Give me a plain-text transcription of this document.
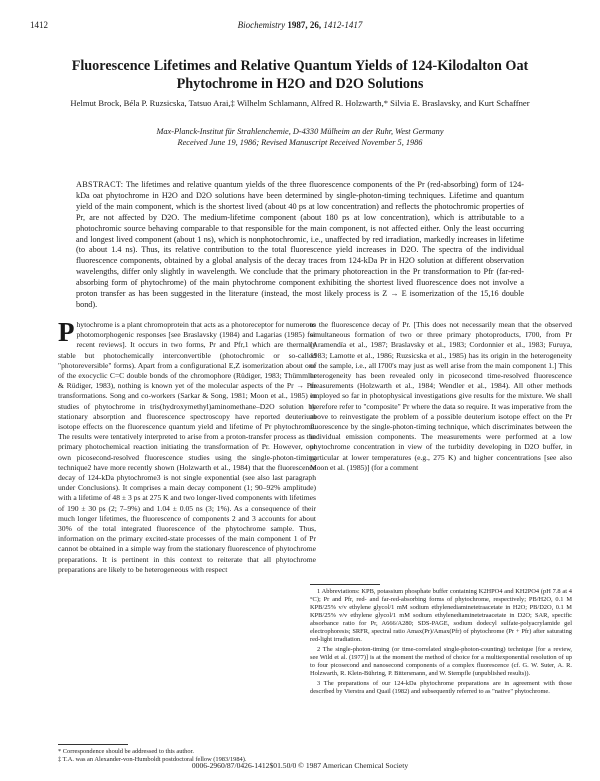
1412	Biochemistry 1987, 26, 1412-1417
Fluorescence Lifetimes and Relative Quantum Yields of 124-Kilodalton Oat Phytochrome in H2O and D2O Solutions
Helmut Brock, Béla P. Ruzsicska, Tatsuo Arai,‡ Wilhelm Schlamann, Alfred R. Holzwarth,* Silvia E. Braslavsky, and Kurt Schaffner
Max-Planck-Institut für Strahlenchemie, D-4330 Mülheim an der Ruhr, West Germany
Received June 19, 1986; Revised Manuscript Received November 5, 1986
ABSTRACT: The lifetimes and relative quantum yields of the three fluorescence components of the Pr (red-absorbing) form of 124-kDa oat phytochrome in H2O and D2O solutions have been determined by single-photon-timing techniques. Lifetime and quantum yield of the main component, which is the shortest lived (about 40 ps at low concentration) and reflects the photochromic properties of Pr, are not affected by D2O. The medium-lifetime component (about 180 ps at low concentration), which is attributable to a photochromic source behaving comparable to that responsible for the main component, is not affected either. Only the least occurring and longest lived component (about 1 ns), which is nonphotochromic, i.e., unaffected by red irradiation, markedly increases in lifetime (to about 1.4 ns). Thus, its relative contribution to the total fluorescence yield increases in D2O. The spectra of the individual fluorescence components, obtained by a global analysis of the decay traces from 124-kDa Pr in H2O solution at different observation wavelengths, differ only slightly in wavelength. We conclude that the primary photoreaction in the Pr transformation to Pfr (far-red-absorbing form of phytochrome) of the main phytochrome component exhibiting the shortest lived fluorescence does not involve a proton transfer as has been suggested in the literature (instead, the most likely process is Z → E isomerization of the 15,16 double bond).

Phytochrome is a plant chromoprotein that acts as a photoreceptor for numerous photomorphogenic responses [see Braslavsky (1984) and Lagarias (1985) for recent reviews]. It occurs in two forms, Pr and Pfr,1 which are thermally stable but photochemically interconvertible (photochromic or so-called "photoreversible" forms). Apart from a configurational E,Z isomerization about one of the exocyclic C=C double bonds of the chromophore (Rüdiger, 1983; Thümmler & Rüdiger, 1983), nothing is known yet of the molecular aspects of the Pr → Pfr transformations. Song and co-workers (Sarkar & Song, 1981; Moon et al., 1985) in studies of phytochrome in tris(hydroxymethyl)aminomethane–D2O solution by stationary absorption and fluorescence spectroscopy have reported deuterium isotope effects on the fluorescence quantum yield and lifetime of Pr phytochrome. The results were tentatively interpreted to arise from a proton-transfer process as the primary photochemical reaction initiating the transformation of Pr. However, our own picosecond-resolved fluorescence studies using the single-photon-timing technique2 have more recently shown (Holzwarth et al., 1984) that the fluorescence decay of 124-kDa phytochrome3 is not single exponential (see also last paragraph under Conclusions). It comprises a main decay component (1; 90–92% amplitude) with a lifetime of 48 ± 3 ps at 275 K and two longer-lived components with lifetimes of 190 ± 30 ps (2; 7–9%) and 1.04 ± 0.05 ns (3; 1%). As a consequence of their much longer lifetimes, the fluorescence of components 2 and 3 accounts for about 30% of the total integrated fluorescence of the phytochrome sample. Thus, information on the primary excited-state processes of the main component 1 of Pr cannot be obtained in a simple way from the stationary fluorescence of phytochrome preparations. It is pertinent in this context to reiterate that all phytochrome preparations are likely to be heterogeneous with respect

to the fluorescence decay of Pr. [This does not necessarily mean that the observed simultaneous formation of two or three primary photoproducts, I700, from Pr (Aramendía et al., 1987; Braslavsky et al., 1983; Cordonnier et al., 1983; Furuya, 1983; Lamotte et al., 1986; Ruzsicska et al., 1985) has its origin in the heterogeneity of the sample, i.e., all I700's may just as well arise from the main component 1.] This heterogeneity has been revealed only in picosecond time-resolved fluorescence measurements (Holzwarth et al., 1984; Wendler et al., 1984). All other methods employed so far in photophysical investigations give results for the mixture. We shall therefore refer to "composite" Pr where the data so require. It was imperative from the above to reinvestigate the problem of a possible deuterium isotope effect on the Pr fluorescence by the single-photon-timing technique, which discriminates between the individual emission components. The measurements were performed at a low phytochrome concentration in view of the turbidity developing in D2O buffer, in particular at lower temperatures (e.g., 275 K) and higher concentrations [see also Moon et al. (1985)] (for a comment

1 Abbreviations: KPB, potassium phosphate buffer containing K2HPO4 and KH2PO4 (pH 7.8 at 4 °C); Pr and Pfr, red- and far-red-absorbing forms of phytochrome, respectively; PB/H2O, 0.1 M KPB/25% v/v ethylene glycol/1 mM sodium ethylenediaminetetraacetate in H2O; PB/D2O, 0.1 M KPB/25% v/v ethylene glycol/1 mM sodium ethylenediaminetetraacetate in D2O; SAR, specific absorbance ratio for Pr, A666/A280; SDS-PAGE, sodium dodecyl sulfate-polyacrylamide gel electrophoresis; SRFR, spectral ratio Amax(Pr)/Amax(Pfr) of phytochrome (Pr + Pfr) after saturating red-light irradiation.

2 The single-photon-timing (or time-correlated single-photon-counting) technique [for a review, see Wild et al. (1977)] is at the moment the method of choice for a multiexponential resolution of up to four picosecond and nanosecond components of a complex fluorescence (cf. G. W. Suter, A. R. Holzwarth, R. Klein-Bühring, P. Bittersmann, and W. Stempfle (unpublished results)).

3 The preparations of our 124-kDa phytochrome preparations are in agreement with those described by Vierstra and Quail (1982) and subsequently referred to as "native" phytochrome.

* Correspondence should be addressed to this author.

‡ T.A. was an Alexander-von-Humboldt postdoctoral fellow (1983/1984).

0006-2960/87/0426-1412$01.50/0 © 1987 American Chemical Society
